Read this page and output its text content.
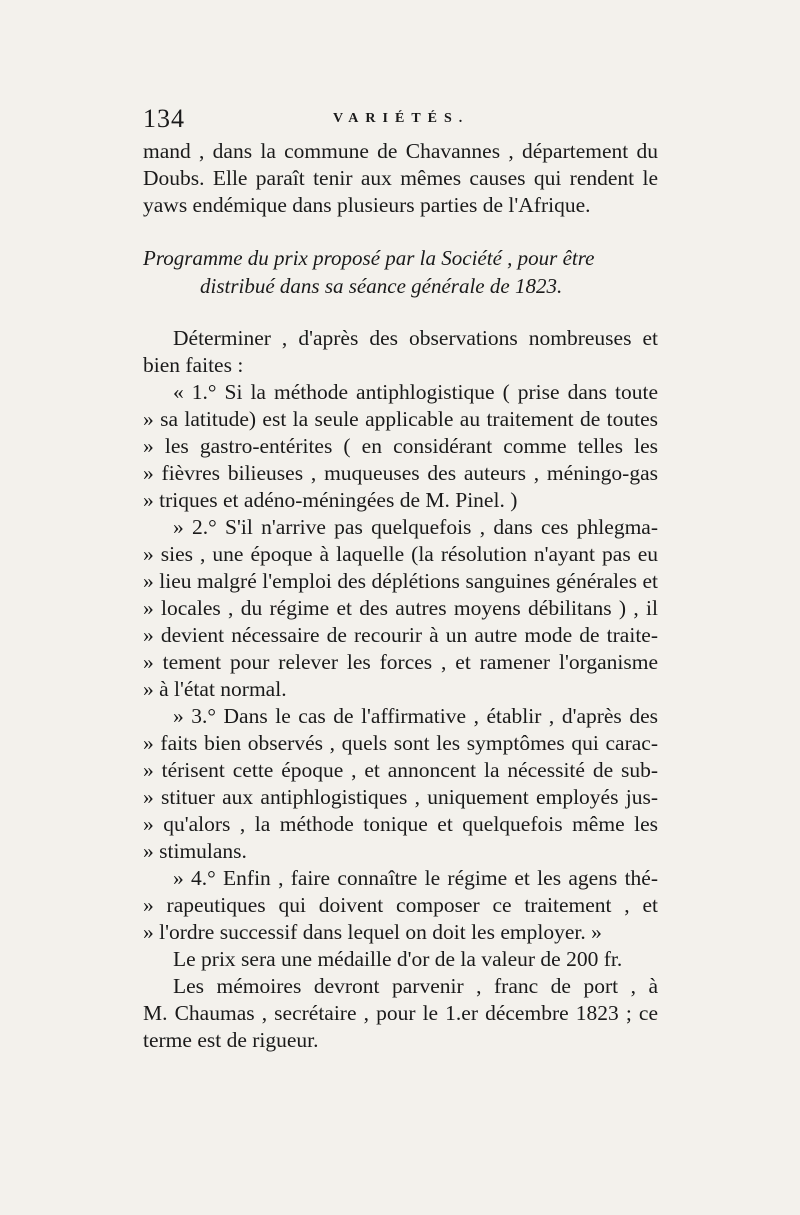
134	VARIÉTÉS.
mand , dans la commune de Chavannes , département du
Doubs. Elle paraît tenir aux mêmes causes qui rendent le
yaws endémique dans plusieurs parties de l'Afrique.
Programme du prix proposé par la Société , pour être
distribué dans sa séance générale de 1823.
Déterminer , d'après des observations nombreuses et
bien faites :
« 1.° Si la méthode antiphlogistique ( prise dans toute
» sa latitude) est la seule applicable au traitement de toutes
» les gastro-entérites ( en considérant comme telles les
» fièvres bilieuses , muqueuses des auteurs , méningo-gas
» triques et adéno-méningées de M. Pinel. )
» 2.° S'il n'arrive pas quelquefois , dans ces phlegma-
» sies , une époque à laquelle (la résolution n'ayant pas eu
» lieu malgré l'emploi des déplétions sanguines générales et
» locales , du régime et des autres moyens débilitans ) , il
» devient nécessaire de recourir à un autre mode de traite-
» tement pour relever les forces , et ramener l'organisme
» à l'état normal.
» 3.° Dans le cas de l'affirmative , établir , d'après des
» faits bien observés , quels sont les symptômes qui carac-
» térisent cette époque , et annoncent la nécessité de sub-
» stituer aux antiphlogistiques , uniquement employés jus-
» qu'alors , la méthode tonique et quelquefois même les
» stimulans.
» 4.° Enfin , faire connaître le régime et les agens thé-
» rapeutiques qui doivent composer ce traitement , et
» l'ordre successif dans lequel on doit les employer. »
Le prix sera une médaille d'or de la valeur de 200 fr.
Les mémoires devront parvenir , franc de port , à
M. Chaumas , secrétaire , pour le 1.er décembre 1823 ; ce
terme est de rigueur.
